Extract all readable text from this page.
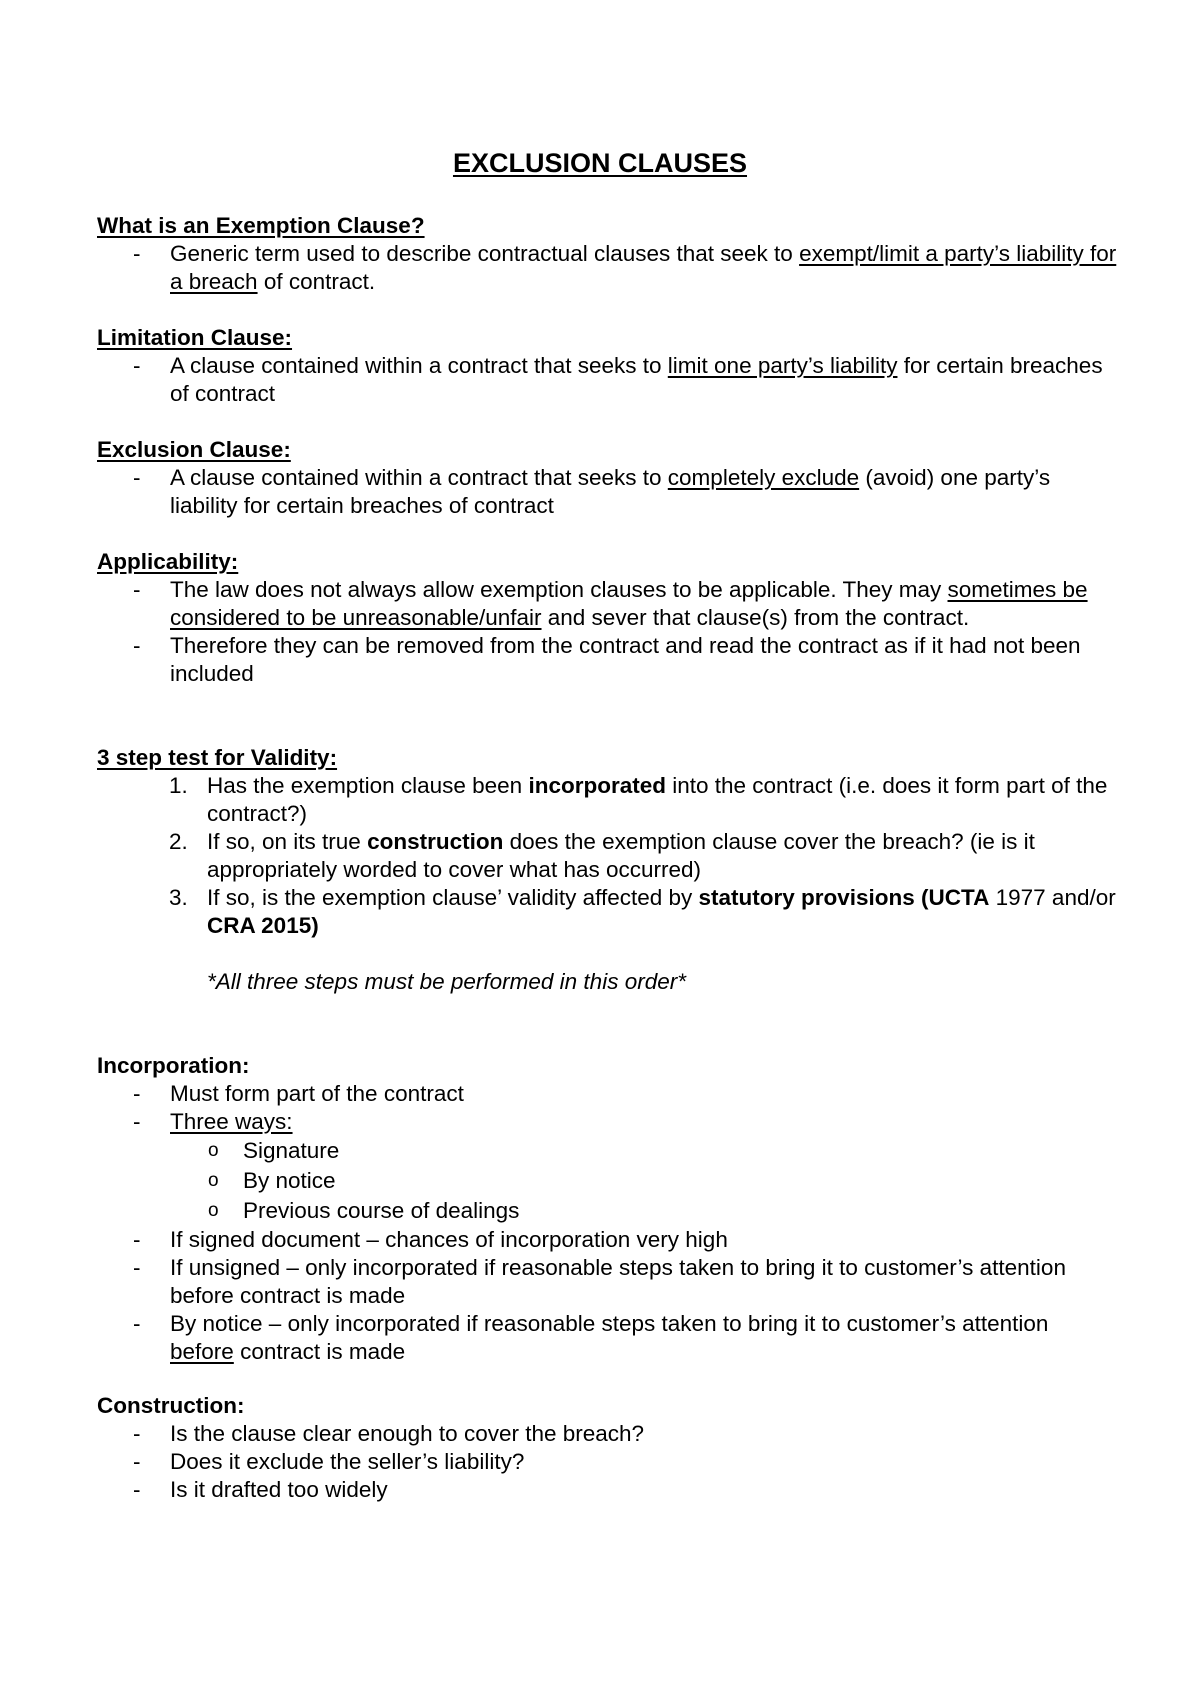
EXCLUSION CLAUSES

What is an Exemption Clause?

- Generic term used to describe contractual clauses that seek to exempt/limit a party’s liability for a breach of contract.

Limitation Clause:

- A clause contained within a contract that seeks to limit one party’s liability for certain breaches of contract

Exclusion Clause:

- A clause contained within a contract that seeks to completely exclude (avoid) one party’s liability for certain breaches of contract

Applicability:

- The law does not always allow exemption clauses to be applicable. They may sometimes be considered to be unreasonable/unfair and sever that clause(s) from the contract.
- Therefore they can be removed from the contract and read the contract as if it had not been included

3 step test for Validity:

1. Has the exemption clause been incorporated into the contract (i.e. does it form part of the contract?)
2. If so, on its true construction does the exemption clause cover the breach? (ie is it appropriately worded to cover what has occurred)
3. If so, is the exemption clause’ validity affected by statutory provisions (UCTA 1977 and/or CRA 2015)
*All three steps must be performed in this order*

Incorporation:

- Must form part of the contract
- Three ways:
o Signature
o By notice
o Previous course of dealings
- If signed document – chances of incorporation very high
- If unsigned – only incorporated if reasonable steps taken to bring it to customer’s attention before contract is made
- By notice – only incorporated if reasonable steps taken to bring it to customer’s attention before contract is made

Construction:

- Is the clause clear enough to cover the breach?
- Does it exclude the seller’s liability?
- Is it drafted too widely
